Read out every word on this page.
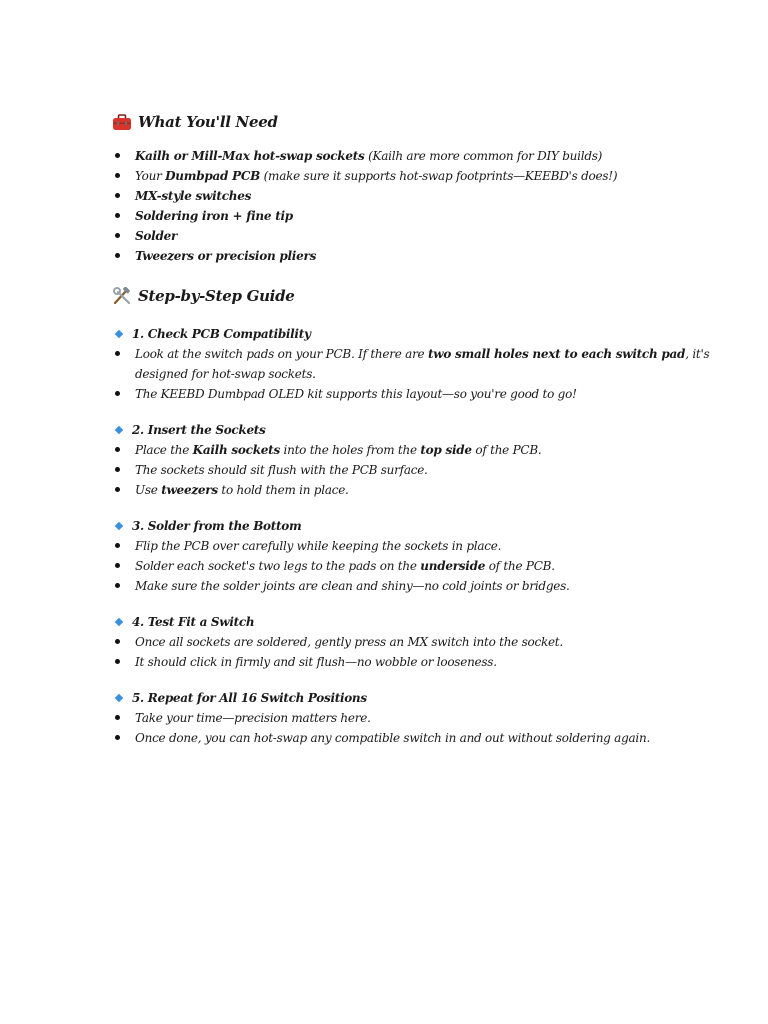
What You'll Need
Kailh or Mill-Max hot-swap sockets (Kailh are more common for DIY builds)
Your Dumbpad PCB (make sure it supports hot-swap footprints—KEEBD's does!)
MX-style switches
Soldering iron + fine tip
Solder
Tweezers or precision pliers
Step-by-Step Guide
1. Check PCB Compatibility
Look at the switch pads on your PCB. If there are two small holes next to each switch pad, it's designed for hot-swap sockets.
The KEEBD Dumbpad OLED kit supports this layout—so you're good to go!
2. Insert the Sockets
Place the Kailh sockets into the holes from the top side of the PCB.
The sockets should sit flush with the PCB surface.
Use tweezers to hold them in place.
3. Solder from the Bottom
Flip the PCB over carefully while keeping the sockets in place.
Solder each socket's two legs to the pads on the underside of the PCB.
Make sure the solder joints are clean and shiny—no cold joints or bridges.
4. Test Fit a Switch
Once all sockets are soldered, gently press an MX switch into the socket.
It should click in firmly and sit flush—no wobble or looseness.
5. Repeat for All 16 Switch Positions
Take your time—precision matters here.
Once done, you can hot-swap any compatible switch in and out without soldering again.
